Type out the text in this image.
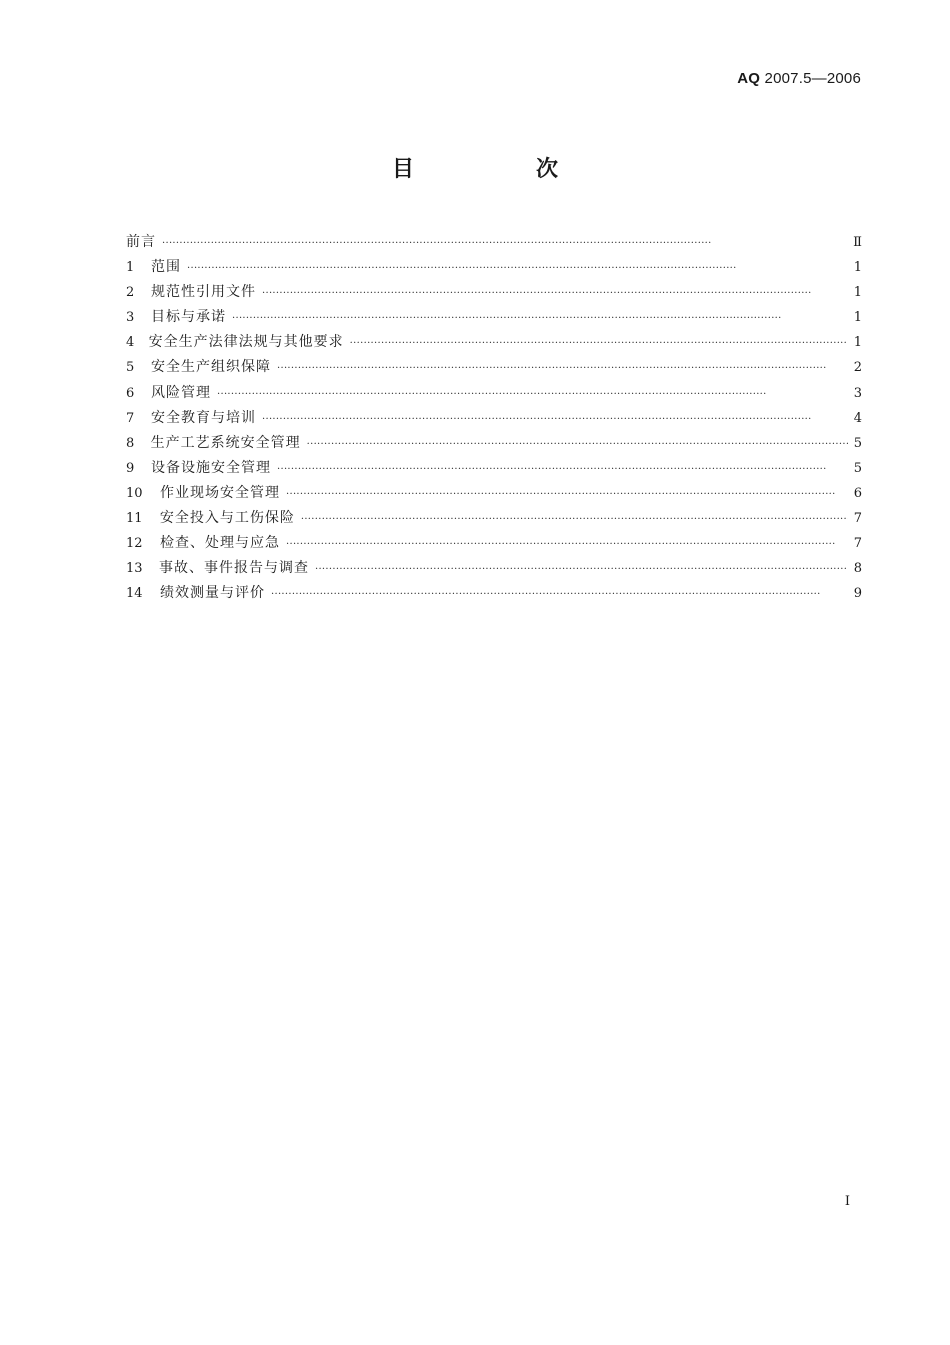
AQ 2007.5—2006
目　次
前言 ·····	Ⅱ
1	范围 ·····	1
2	规范性引用文件 ·····	1
3	目标与承诺 ·····	1
4	安全生产法律法规与其他要求 ·····	1
5	安全生产组织保障 ·····	2
6	风险管理 ·····	3
7	安全教育与培训 ·····	4
8	生产工艺系统安全管理 ·····	5
9	设备设施安全管理 ·····	5
10	作业现场安全管理 ·····	6
11	安全投入与工伤保险 ·····	7
12	检查、处理与应急 ·····	7
13	事故、事件报告与调查 ·····	8
14	绩效测量与评价 ·····	9
Ⅰ
